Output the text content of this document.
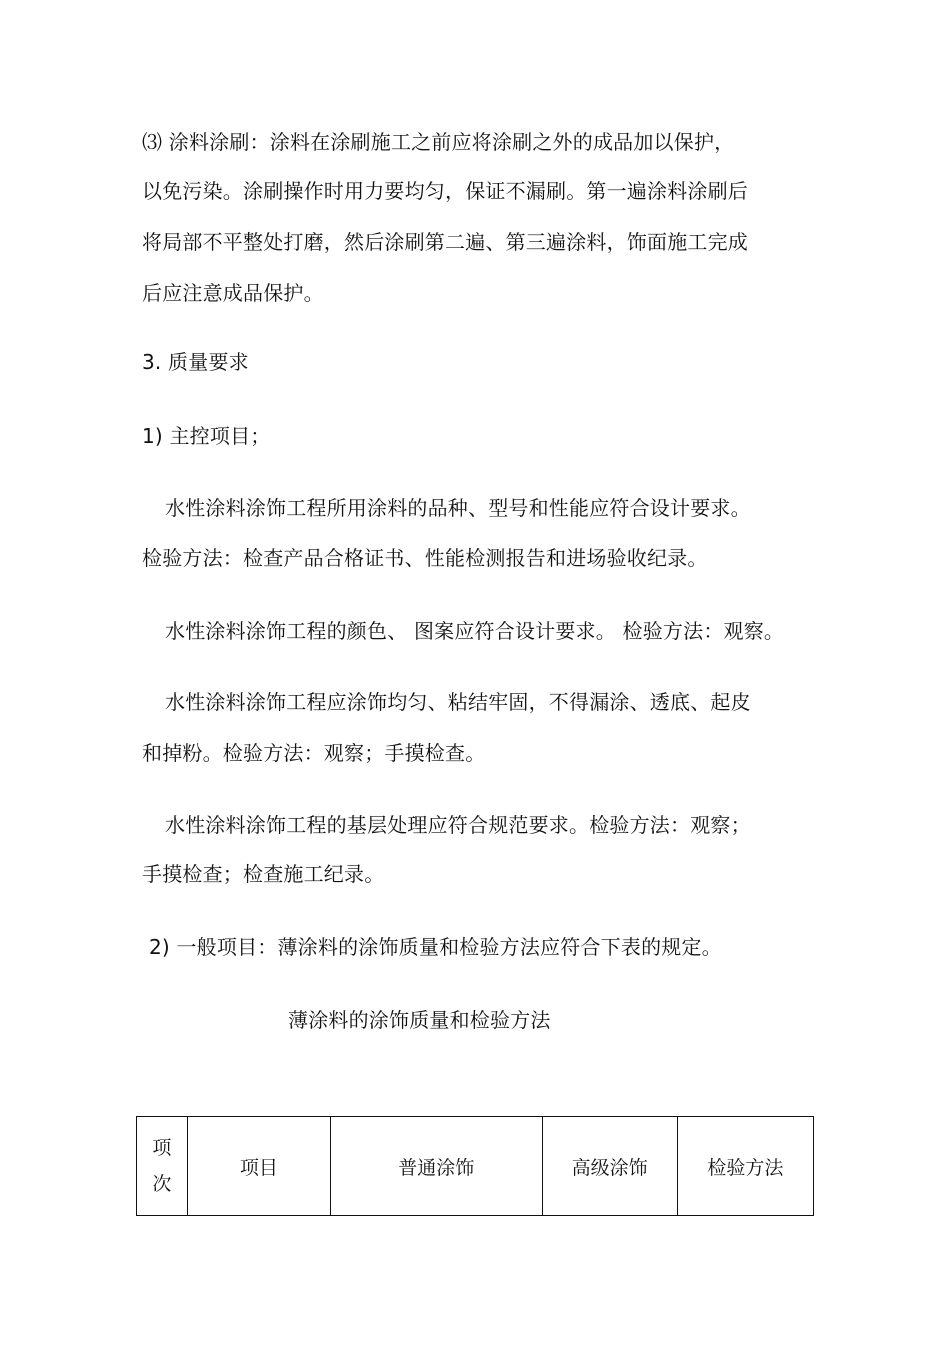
⑶ 涂料涂刷：涂料在涂刷施工之前应将涂刷之外的成品加以保护，
以免污染。涂刷操作时用力要均匀，保证不漏刷。第一遍涂料涂刷后
将局部不平整处打磨，然后涂刷第二遍、第三遍涂料，饰面施工完成
后应注意成品保护。
3. 质量要求
1) 主控项目；
水性涂料涂饰工程所用涂料的品种、型号和性能应符合设计要求。
检验方法：检查产品合格证书、性能检测报告和进场验收纪录。
水性涂料涂饰工程的颜色、 图案应符合设计要求。 检验方法：观察。
水性涂料涂饰工程应涂饰均匀、粘结牢固，不得漏涂、透底、起皮
和掉粉。检验方法：观察；手摸检查。
水性涂料涂饰工程的基层处理应符合规范要求。检验方法：观察；
手摸检查；检查施工纪录。
2) 一般项目：薄涂料的涂饰质量和检验方法应符合下表的规定。
薄涂料的涂饰质量和检验方法
项
次
	项目	普通涂饰	高级涂饰	检验方法
